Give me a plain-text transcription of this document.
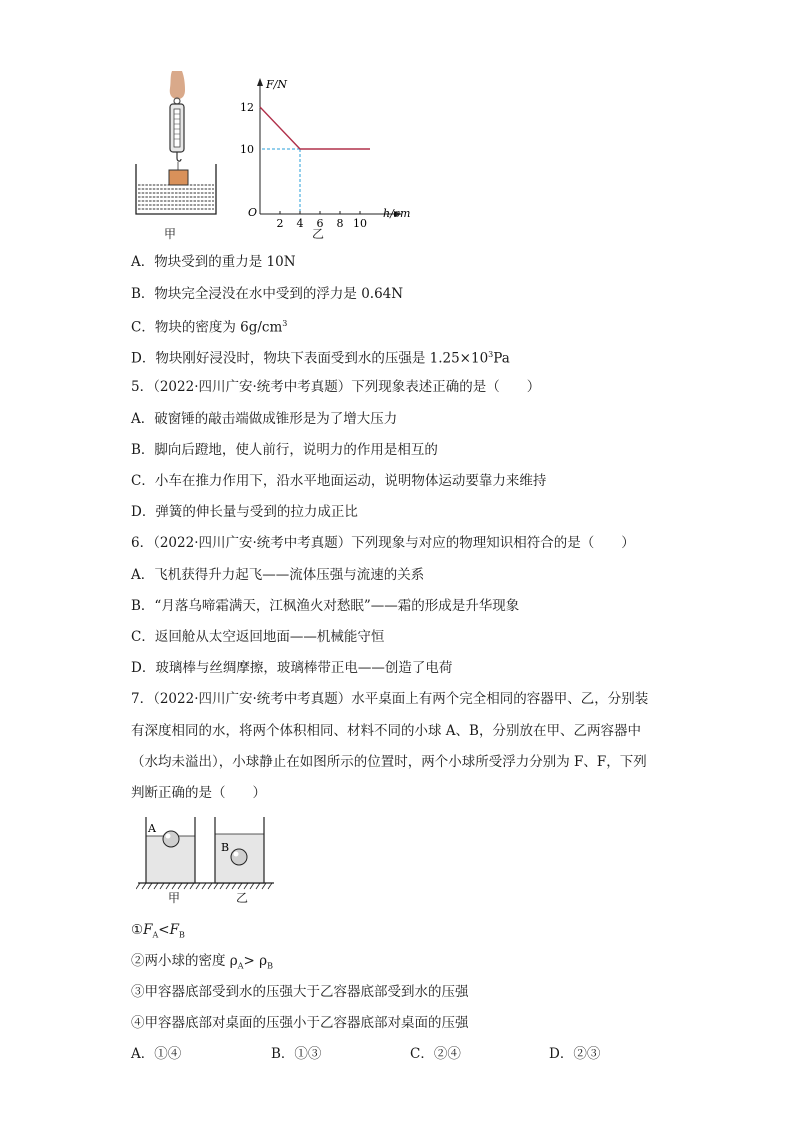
甲
2 4 6 8 10
10
12
F/N
h/cm
O
乙
A．物块受到的重力是 10N
B．物块完全浸没在水中受到的浮力是 0.64N
C．物块的密度为 $6g/cm^3$
D．物块刚好浸没时，物块下表面受到水的压强是 $1.25\times 10^3Pa$
5．（2022·四川广安·统考中考真题）下列现象表述正确的是（　　）
A．破窗锤的敲击端做成锥形是为了增大压力
B．脚向后蹬地，使人前行，说明力的作用是相互的
C．小车在推力作用下，沿水平地面运动，说明物体运动要靠力来维持
D．弹簧的伸长量与受到的拉力成正比
6．（2022·四川广安·统考中考真题）下列现象与对应的物理知识相符合的是（　　）
A．飞机获得升力起飞——流体压强与流速的关系
B．“月落乌啼霜满天，江枫渔火对愁眠”——霜的形成是升华现象
C．返回舱从太空返回地面——机械能守恒
D．玻璃棒与丝绸摩擦，玻璃棒带正电——创造了电荷
7．（2022·四川广安·统考中考真题）水平桌面上有两个完全相同的容器甲、乙，分别装
有深度相同的水，将两个体积相同、材料不同的小球 A、B，分别放在甲、乙两容器中
（水均未溢出），小球静止在如图所示的位置时，两个小球所受浮力分别为 F、F，下列
判断正确的是（　　）
A
B
甲	乙
$①F_A<F_B$
②两小球的密度 $\rho_A> \rho_B$
③甲容器底部受到水的压强大于乙容器底部受到水的压强
④甲容器底部对桌面的压强小于乙容器底部对桌面的压强
A．①④	B．①③	C．②④	D．②③
